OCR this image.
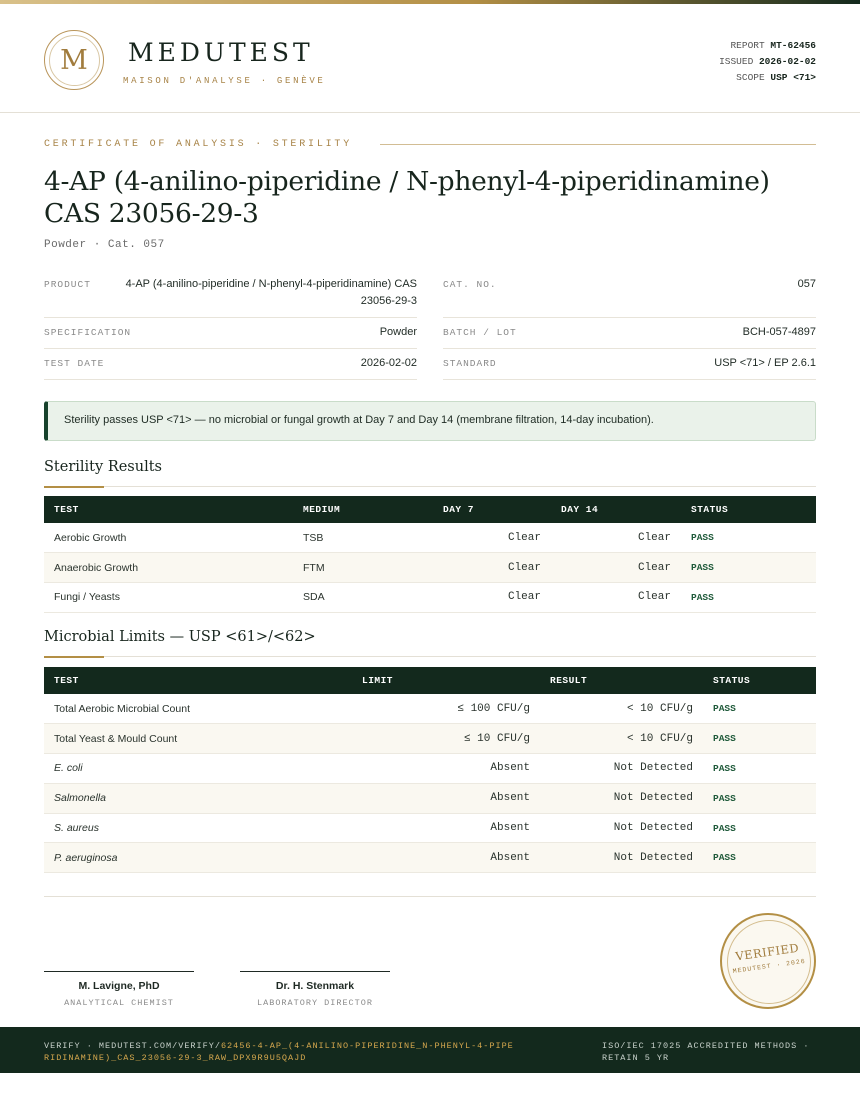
M MEDUTEST
MAISON D'ANALYSE · GENÈVE
REPORT MT-62456
ISSUED 2026-02-02
SCOPE USP <71>
CERTIFICATE OF ANALYSIS · STERILITY
4-AP (4-anilino-piperidine / N-phenyl-4-piperidinamine) CAS 23056-29-3
Powder · Cat. 057
PRODUCT	4-AP (4-anilino-piperidine / N-phenyl-4-piperidinamine) CAS 23056-29-3
CAT. NO.	057
SPECIFICATION	Powder	BATCH / LOT	BCH-057-4897
TEST DATE	2026-02-02	STANDARD	USP <71> / EP 2.6.1
Sterility passes USP <71> — no microbial or fungal growth at Day 7 and Day 14 (membrane filtration, 14-day incubation).
Sterility Results
TEST	MEDIUM	DAY 7	DAY 14	STATUS
Aerobic Growth	TSB	Clear	Clear	PASS
Anaerobic Growth	FTM	Clear	Clear	PASS
Fungi / Yeasts	SDA	Clear	Clear	PASS
Microbial Limits — USP <61>/<62>
TEST	LIMIT	RESULT	STATUS
Total Aerobic Microbial Count	≤ 100 CFU/g	< 10 CFU/g	PASS
Total Yeast & Mould Count	≤ 10 CFU/g	< 10 CFU/g	PASS
E. coli	Absent	Not Detected	PASS
Salmonella	Absent	Not Detected	PASS
S. aureus	Absent	Not Detected	PASS
P. aeruginosa	Absent	Not Detected	PASS
M. Lavigne, PhD
ANALYTICAL CHEMIST
Dr. H. Stenmark
LABORATORY DIRECTOR
VERIFIED
MEDUTEST · 2026
VERIFY · MEDUTEST.COM/VERIFY/62456-4-AP_(4-ANILINO-PIPERIDINE_N-PHENYL-4-PIPERIDINAMINE)_CAS_23056-29-3_RAW_DPX9R9U5QAJD
ISO/IEC 17025 ACCREDITED METHODS · RETAIN 5 YR
